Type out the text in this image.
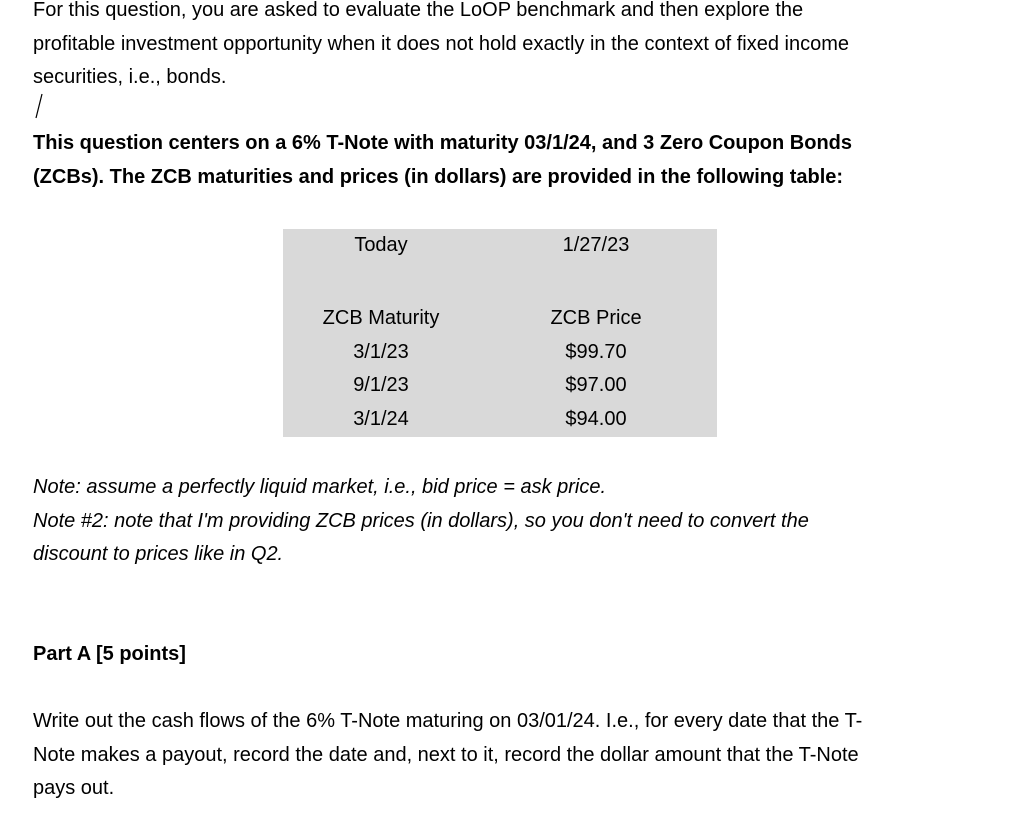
For this question, you are asked to evaluate the LoOP benchmark and then explore the
profitable investment opportunity when it does not hold exactly in the context of fixed income
securities, i.e., bonds.
This question centers on a 6% T-Note with maturity 03/1/24, and 3 Zero Coupon Bonds
(ZCBs). The ZCB maturities and prices (in dollars) are provided in the following table:
Today	1/27/23
ZCB Maturity	ZCB Price
3/1/23	$99.70
9/1/23	$97.00
3/1/24	$94.00
Note: assume a perfectly liquid market, i.e., bid price = ask price.
Note #2: note that I'm providing ZCB prices (in dollars), so you don't need to convert the
discount to prices like in Q2.
Part A [5 points]
Write out the cash flows of the 6% T-Note maturing on 03/01/24. I.e., for every date that the T-
Note makes a payout, record the date and, next to it, record the dollar amount that the T-Note
pays out.
